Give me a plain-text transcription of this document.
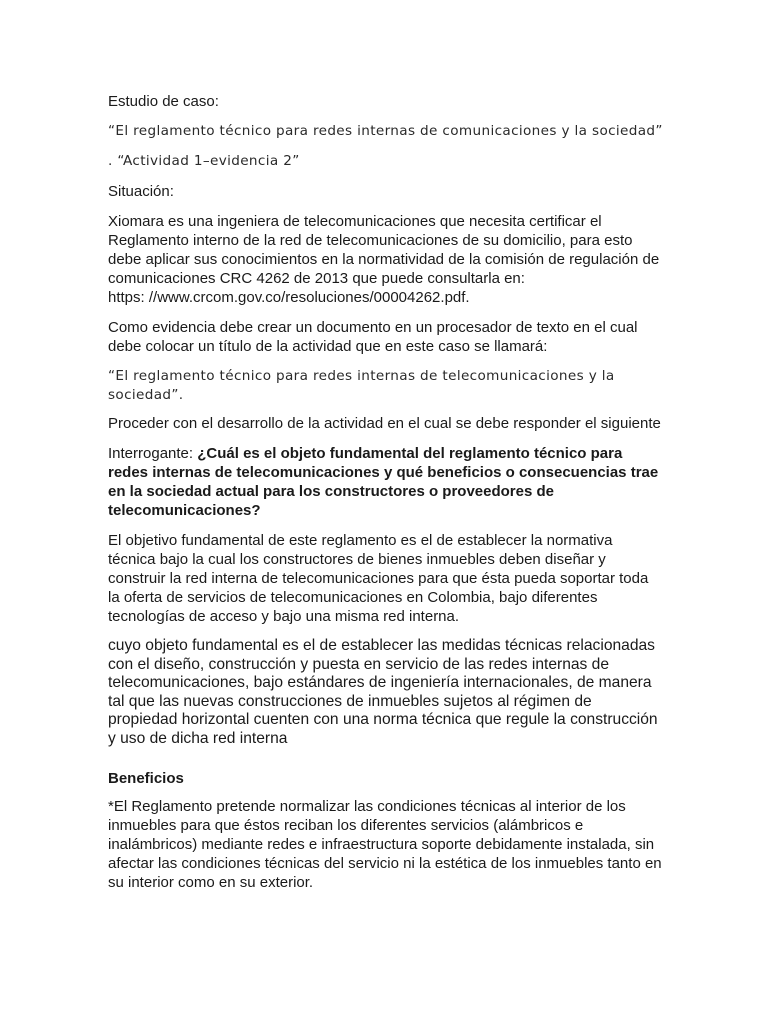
Estudio de caso:

“El reglamento técnico para redes internas de comunicaciones y la sociedad”

. “Actividad 1–evidencia 2”

Situación:

Xiomara es una ingeniera de telecomunicaciones que necesita certificar el Reglamento interno de la red de telecomunicaciones de su domicilio, para esto debe aplicar sus conocimientos en la normatividad de la comisión de regulación de comunicaciones CRC 4262 de 2013 que puede consultarla en:

https: //www.crcom.gov.co/resoluciones/00004262.pdf.

Como evidencia debe crear un documento en un procesador de texto en el cual debe colocar un título de la actividad que en este caso se llamará:

“El reglamento técnico para redes internas de telecomunicaciones y la sociedad”.

Proceder con el desarrollo de la actividad en el cual se debe responder el siguiente

Interrogante: ¿Cuál es el objeto fundamental del reglamento técnico para redes internas de telecomunicaciones y qué beneficios o consecuencias trae en la sociedad actual para los constructores o proveedores de telecomunicaciones?

El objetivo fundamental de este reglamento es el de establecer la normativa técnica bajo la cual los constructores de bienes inmuebles deben diseñar y construir la red interna de telecomunicaciones para que ésta pueda soportar toda la oferta de servicios de telecomunicaciones en Colombia, bajo diferentes tecnologías de acceso y bajo una misma red interna.

cuyo objeto fundamental es el de establecer las medidas técnicas relacionadas con el diseño, construcción y puesta en servicio de las redes internas de telecomunicaciones, bajo estándares de ingeniería internacionales, de manera tal que las nuevas construcciones de inmuebles sujetos al régimen de propiedad horizontal cuenten con una norma técnica que regule la construcción y uso de dicha red interna

Beneficios

*El Reglamento pretende normalizar las condiciones técnicas al interior de los inmuebles para que éstos reciban los diferentes servicios (alámbricos e inalámbricos) mediante redes e infraestructura soporte debidamente instalada, sin afectar las condiciones técnicas del servicio ni la estética de los inmuebles tanto en su interior como en su exterior.
